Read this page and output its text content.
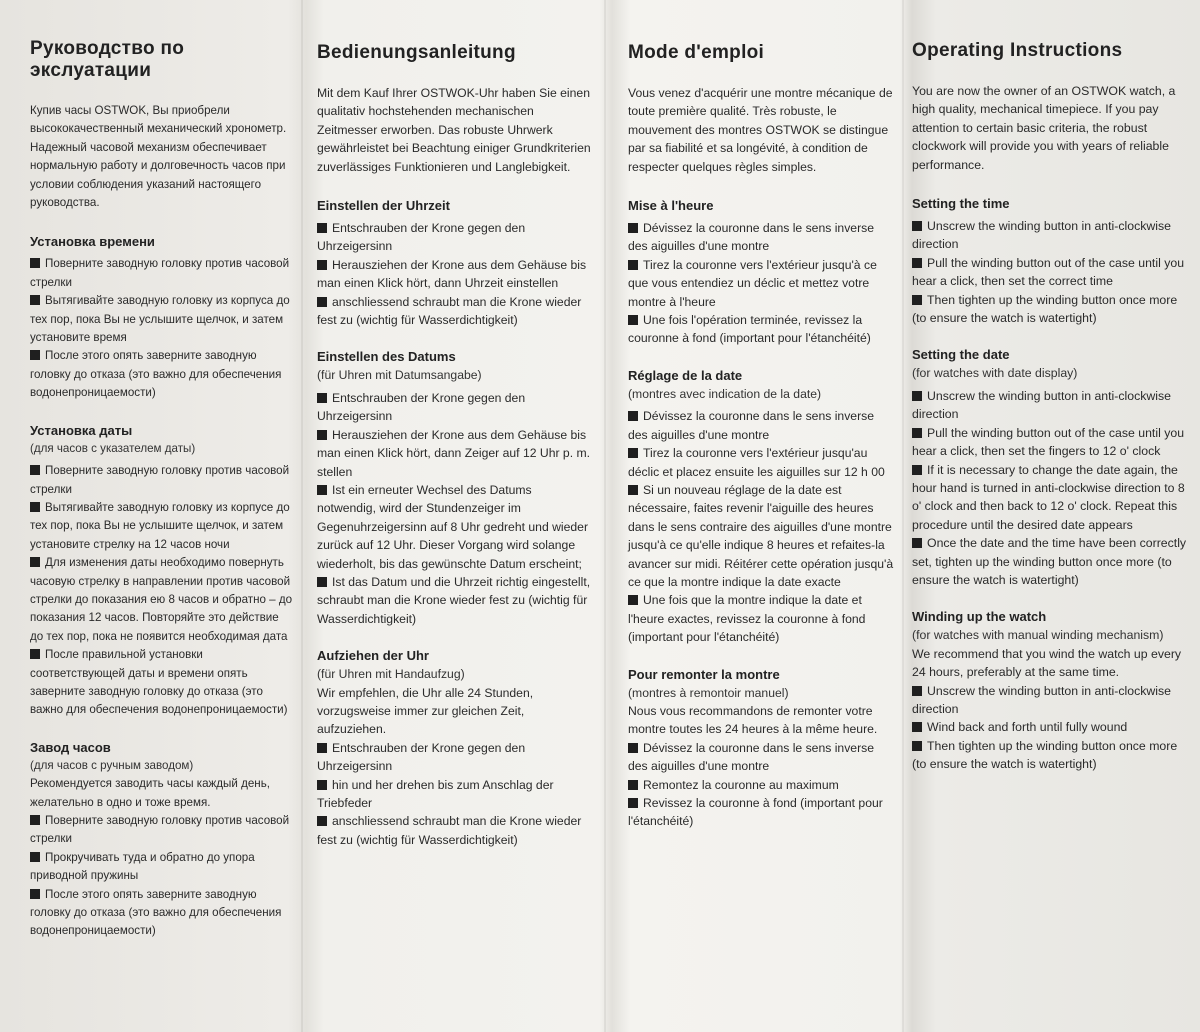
Руководство по экслуатации

Купив часы OSTWOK, Вы приобрели высококачественный механический хронометр. Надежный часовой механизм обеспечивает нормальную работу и долговечность часов при условии соблюдения указаний настоящего руководства.

Установка времени

Поверните заводную головку против часовой стрелки

Вытягивайте заводную головку из корпуса до тех пор, пока Вы не услышите щелчок, и затем установите время

После этого опять заверните заводную головку до отказа (это важно для обеспечения водонепроницаемости)

Установка даты

(для часов с указателем даты)

Поверните заводную головку против часовой стрелки

Вытягивайте заводную головку из корпусе до тех пор, пока Вы не услышите щелчок, и затем установите стрелку на 12 часов ночи

Для изменения даты необходимо повернуть часовую стрелку в направлении против часовой стрелки до показания ею 8 часов и обратно – до показания 12 часов. Повторяйте это действие до тех пор, пока не появится необходимая дата

После правильной установки соответствующей даты и времени опять заверните заводную головку до отказа (это важно для обеспечения водонепроницаемости)

Завод часов

(для часов с ручным заводом)

Рекомендуется заводить часы каждый день, желательно в одно и тоже время.

Поверните заводную головку против часовой стрелки

Прокручивать туда и обратно до упора приводной пружины

После этого опять заверните заводную головку до отказа (это важно для обеспечения водонепроницаемости)

Bedienungsanleitung

Mit dem Kauf Ihrer OSTWOK-Uhr haben Sie einen qualitativ hochstehenden mechanischen Zeitmesser erworben. Das robuste Uhrwerk gewährleistet bei Beachtung einiger Grundkriterien zuverlässiges Funktionieren und Langlebigkeit.

Einstellen der Uhrzeit

Entschrauben der Krone gegen den Uhrzeigersinn

Herausziehen der Krone aus dem Gehäuse bis man einen Klick hört, dann Uhrzeit einstellen

anschliessend schraubt man die Krone wieder fest zu (wichtig für Wasserdichtigkeit)

Einstellen des Datums

(für Uhren mit Datumsangabe)

Entschrauben der Krone gegen den Uhrzeigersinn

Herausziehen der Krone aus dem Gehäuse bis man einen Klick hört, dann Zeiger auf 12 Uhr p. m. stellen

Ist ein erneuter Wechsel des Datums notwendig, wird der Stundenzeiger im Gegenuhrzeigersinn auf 8 Uhr gedreht und wieder zurück auf 12 Uhr. Dieser Vorgang wird solange wiederholt, bis das gewünschte Datum erscheint;

Ist das Datum und die Uhrzeit richtig eingestellt, schraubt man die Krone wieder fest zu (wichtig für Wasserdichtigkeit)

Aufziehen der Uhr

(für Uhren mit Handaufzug)

Wir empfehlen, die Uhr alle 24 Stunden, vorzugsweise immer zur gleichen Zeit, aufzuziehen.

Entschrauben der Krone gegen den Uhrzeigersinn

hin und her drehen bis zum Anschlag der Triebfeder

anschliessend schraubt man die Krone wieder fest zu (wichtig für Wasserdichtigkeit)

Mode d'emploi

Vous venez d'acquérir une montre mécanique de toute première qualité. Très robuste, le mouvement des montres OSTWOK se distingue par sa fiabilité et sa longévité, à condition de respecter quelques règles simples.

Mise à l'heure

Dévissez la couronne dans le sens inverse des aiguilles d'une montre

Tirez la couronne vers l'extérieur jusqu'à ce que vous entendiez un déclic et mettez votre montre à l'heure

Une fois l'opération terminée, revissez la couronne à fond (important pour l'étanchéité)

Réglage de la date

(montres avec indication de la date)

Dévissez la couronne dans le sens inverse des aiguilles d'une montre

Tirez la couronne vers l'extérieur jusqu'au déclic et placez ensuite les aiguilles sur 12 h 00

Si un nouveau réglage de la date est nécessaire, faites revenir l'aiguille des heures dans le sens contraire des aiguilles d'une montre jusqu'à ce qu'elle indique 8 heures et refaites-la avancer sur midi. Réitérer cette opération jusqu'à ce que la montre indique la date exacte

Une fois que la montre indique la date et l'heure exactes, revissez la couronne à fond (important pour l'étanchéité)

Pour remonter la montre

(montres à remontoir manuel)

Nous vous recommandons de remonter votre montre toutes les 24 heures à la même heure.

Dévissez la couronne dans le sens inverse des aiguilles d'une montre

Remontez la couronne au maximum

Revissez la couronne à fond (important pour l'étanchéité)

Operating Instructions

You are now the owner of an OSTWOK watch, a high quality, mechanical timepiece. If you pay attention to certain basic criteria, the robust clockwork will provide you with years of reliable performance.

Setting the time

Unscrew the winding button in anti-clockwise direction

Pull the winding button out of the case until you hear a click, then set the correct time

Then tighten up the winding button once more (to ensure the watch is watertight)

Setting the date

(for watches with date display)

Unscrew the winding button in anti-clockwise direction

Pull the winding button out of the case until you hear a click, then set the fingers to 12 o' clock

If it is necessary to change the date again, the hour hand is turned in anti-clockwise direction to 8 o' clock and then back to 12 o' clock. Repeat this procedure until the desired date appears

Once the date and the time have been correctly set, tighten up the winding button once more (to ensure the watch is watertight)

Winding up the watch

(for watches with manual winding mechanism)

We recommend that you wind the watch up every 24 hours, preferably at the same time.

Unscrew the winding button in anti-clockwise direction

Wind back and forth until fully wound

Then tighten up the winding button once more (to ensure the watch is watertight)
